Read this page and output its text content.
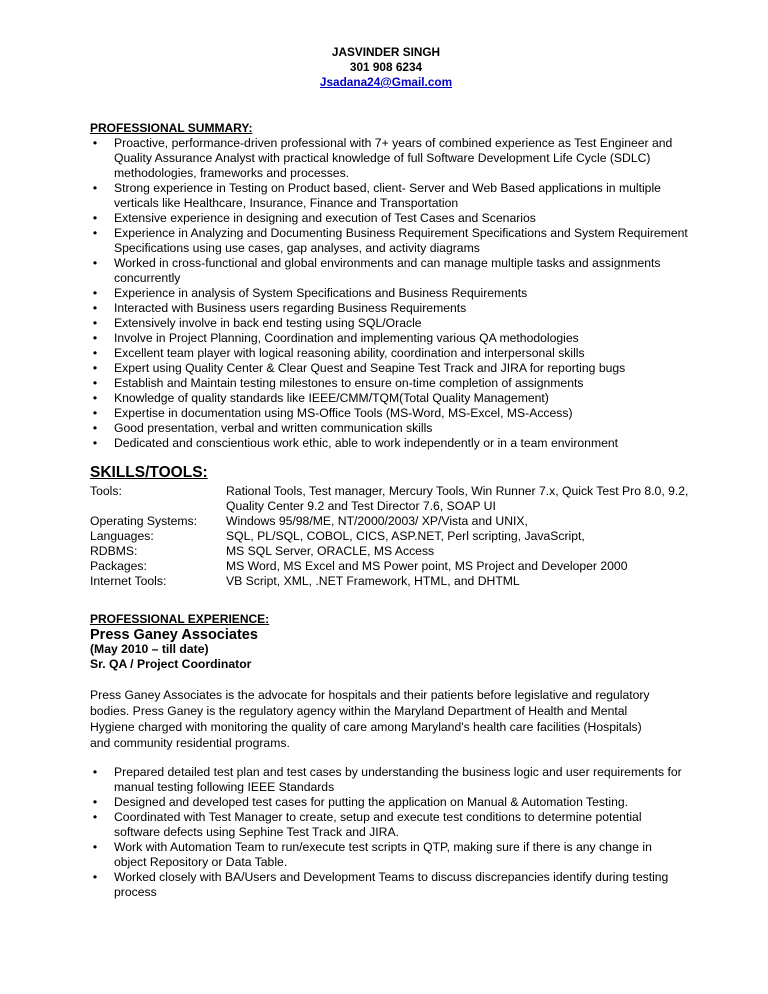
JASVINDER SINGH
301 908 6234
Jsadana24@Gmail.com
PROFESSIONAL SUMMARY:
• Proactive, performance-driven professional with 7+ years of combined experience as Test Engineer and Quality Assurance Analyst with practical knowledge of full Software Development Life Cycle (SDLC) methodologies, frameworks and processes.
• Strong experience in Testing on Product based, client- Server and Web Based applications in multiple verticals like Healthcare, Insurance, Finance and Transportation
• Extensive experience in designing and execution of Test Cases and Scenarios
• Experience in Analyzing and Documenting Business Requirement Specifications and System Requirement Specifications using use cases, gap analyses, and activity diagrams
• Worked in cross-functional and global environments and can manage multiple tasks and assignments concurrently
• Experience in analysis of System Specifications and Business Requirements
• Interacted with Business users regarding Business Requirements
• Extensively involve in back end testing using SQL/Oracle
• Involve in Project Planning, Coordination and implementing various QA methodologies
• Excellent team player with logical reasoning ability, coordination and interpersonal skills
• Expert using Quality Center & Clear Quest and Seapine Test Track and JIRA for reporting bugs
• Establish and Maintain testing milestones to ensure on-time completion of assignments
• Knowledge of quality standards like IEEE/CMM/TQM(Total Quality Management)
• Expertise in documentation using MS-Office Tools (MS-Word, MS-Excel, MS-Access)
• Good presentation, verbal and written communication skills
• Dedicated and conscientious work ethic, able to work independently or in a team environment
SKILLS/TOOLS:
Tools:	Rational Tools, Test manager, Mercury Tools, Win Runner 7.x, Quick Test Pro 8.0, 9.2, Quality Center 9.2 and Test Director 7.6, SOAP UI
Operating Systems:	Windows 95/98/ME, NT/2000/2003/ XP/Vista and UNIX,
Languages:	SQL, PL/SQL, COBOL, CICS, ASP.NET, Perl scripting, JavaScript,
RDBMS:	MS SQL Server, ORACLE, MS Access
Packages:	MS Word, MS Excel and MS Power point, MS Project and Developer 2000
Internet Tools:	VB Script, XML, .NET Framework, HTML, and DHTML
PROFESSIONAL EXPERIENCE:
Press Ganey Associates
(May 2010 – till date)
Sr. QA / Project Coordinator
Press Ganey Associates is the advocate for hospitals and their patients before legislative and regulatory bodies. Press Ganey is the regulatory agency within the Maryland Department of Health and Mental Hygiene charged with monitoring the quality of care among Maryland's health care facilities (Hospitals) and community residential programs.
• Prepared detailed test plan and test cases by understanding the business logic and user requirements for manual testing following IEEE Standards
• Designed and developed test cases for putting the application on Manual & Automation Testing.
• Coordinated with Test Manager to create, setup and execute test conditions to determine potential software defects using Sephine Test Track and JIRA.
• Work with Automation Team to run/execute test scripts in QTP, making sure if there is any change in object Repository or Data Table.
• Worked closely with BA/Users and Development Teams to discuss discrepancies identify during testing process
